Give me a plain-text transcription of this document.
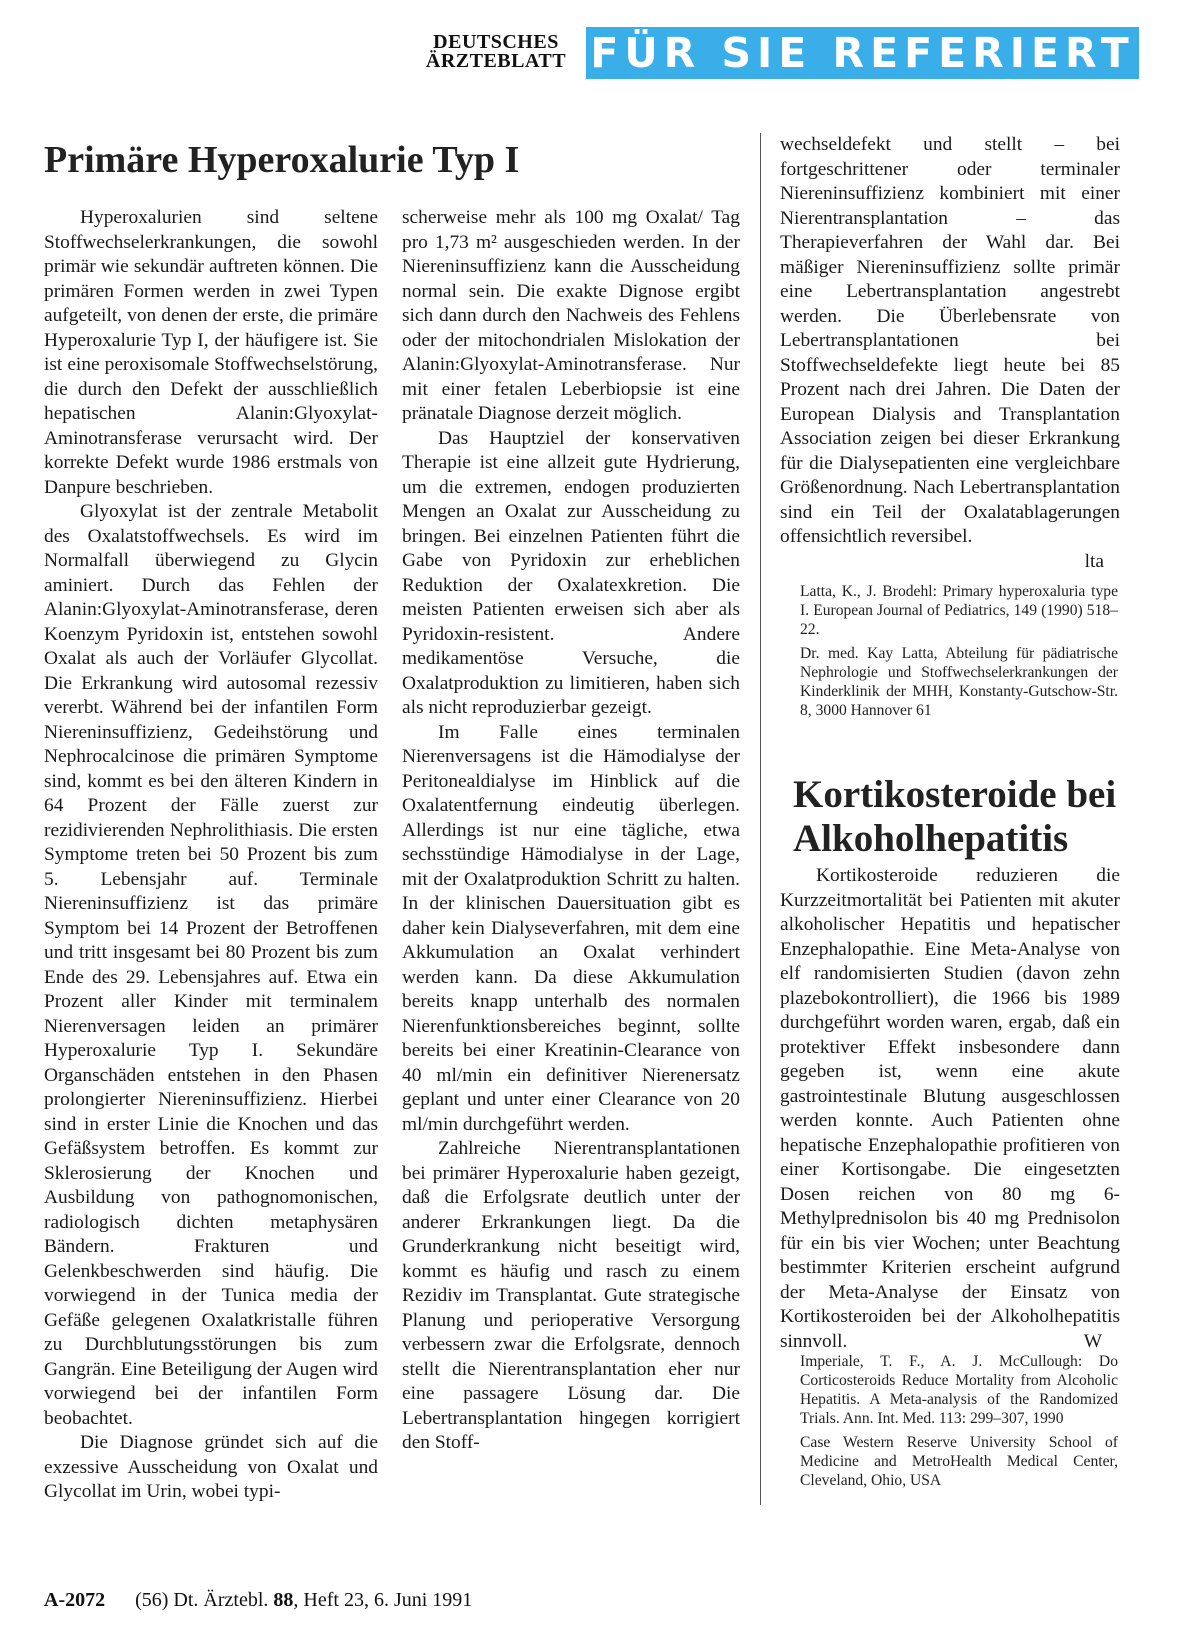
DEUTSCHES
ÄRZTEBLATT FÜR SIE REFERIERT
Primäre Hyperoxalurie Typ I

Hyperoxalurien sind seltene Stoffwechselerkrankungen, die sowohl primär wie sekundär auftreten können. Die primären Formen werden in zwei Typen aufgeteilt, von denen der erste, die primäre Hyperoxalurie Typ I, der häufigere ist. Sie ist eine peroxisomale Stoffwechselstörung, die durch den Defekt der ausschließlich hepatischen Alanin:Glyoxylat-Aminotransferase verursacht wird. Der korrekte Defekt wurde 1986 erstmals von Danpure beschrieben.

Glyoxylat ist der zentrale Metabolit des Oxalatstoffwechsels. Es wird im Normalfall überwiegend zu Glycin aminiert. Durch das Fehlen der Alanin:Glyoxylat-Aminotransferase, deren Koenzym Pyridoxin ist, entstehen sowohl Oxalat als auch der Vorläufer Glycollat. Die Erkrankung wird autosomal rezessiv vererbt. Während bei der infantilen Form Niereninsuffizienz, Gedeihstörung und Nephrocalcinose die primären Symptome sind, kommt es bei den älteren Kindern in 64 Prozent der Fälle zuerst zur rezidivierenden Nephrolithiasis. Die ersten Symptome treten bei 50 Prozent bis zum 5. Lebensjahr auf. Terminale Niereninsuffizienz ist das primäre Symptom bei 14 Prozent der Betroffenen und tritt insgesamt bei 80 Prozent bis zum Ende des 29. Lebensjahres auf. Etwa ein Prozent aller Kinder mit terminalem Nierenversagen leiden an primärer Hyperoxalurie Typ I. Sekundäre Organschäden entstehen in den Phasen prolongierter Niereninsuffizienz. Hierbei sind in erster Linie die Knochen und das Gefäßsystem betroffen. Es kommt zur Sklerosierung der Knochen und Ausbildung von pathognomonischen, radiologisch dichten metaphysären Bändern. Frakturen und Gelenkbeschwerden sind häufig. Die vorwiegend in der Tunica media der Gefäße gelegenen Oxalatkristalle führen zu Durchblutungsstörungen bis zum Gangrän. Eine Beteiligung der Augen wird vorwiegend bei der infantilen Form beobachtet.

Die Diagnose gründet sich auf die exzessive Ausscheidung von Oxalat und Glycollat im Urin, wobei typi-

scherweise mehr als 100 mg Oxalat/ Tag pro 1,73 m² ausgeschieden werden. In der Niereninsuffizienz kann die Ausscheidung normal sein. Die exakte Dignose ergibt sich dann durch den Nachweis des Fehlens oder der mitochondrialen Mislokation der Alanin:Glyoxylat-Aminotransferase. Nur mit einer fetalen Leberbiopsie ist eine pränatale Diagnose derzeit möglich.

Das Hauptziel der konservativen Therapie ist eine allzeit gute Hydrierung, um die extremen, endogen produzierten Mengen an Oxalat zur Ausscheidung zu bringen. Bei einzelnen Patienten führt die Gabe von Pyridoxin zur erheblichen Reduktion der Oxalatexkretion. Die meisten Patienten erweisen sich aber als Pyridoxin-resistent. Andere medikamentöse Versuche, die Oxalatproduktion zu limitieren, haben sich als nicht reproduzierbar gezeigt.

Im Falle eines terminalen Nierenversagens ist die Hämodialyse der Peritonealdialyse im Hinblick auf die Oxalatentfernung eindeutig überlegen. Allerdings ist nur eine tägliche, etwa sechsstündige Hämodialyse in der Lage, mit der Oxalatproduktion Schritt zu halten. In der klinischen Dauersituation gibt es daher kein Dialyseverfahren, mit dem eine Akkumulation an Oxalat verhindert werden kann. Da diese Akkumulation bereits knapp unterhalb des normalen Nierenfunktionsbereiches beginnt, sollte bereits bei einer Kreatinin-Clearance von 40 ml/min ein definitiver Nierenersatz geplant und unter einer Clearance von 20 ml/min durchgeführt werden.

Zahlreiche Nierentransplantationen bei primärer Hyperoxalurie haben gezeigt, daß die Erfolgsrate deutlich unter der anderer Erkrankungen liegt. Da die Grunderkrankung nicht beseitigt wird, kommt es häufig und rasch zu einem Rezidiv im Transplantat. Gute strategische Planung und perioperative Versorgung verbessern zwar die Erfolgsrate, dennoch stellt die Nierentransplantation eher nur eine passagere Lösung dar. Die Lebertransplantation hingegen korrigiert den Stoff-

wechseldefekt und stellt – bei fortgeschrittener oder terminaler Niereninsuffizienz kombiniert mit einer Nierentransplantation – das Therapieverfahren der Wahl dar. Bei mäßiger Niereninsuffizienz sollte primär eine Lebertransplantation angestrebt werden. Die Überlebensrate von Lebertransplantationen bei Stoffwechseldefekte liegt heute bei 85 Prozent nach drei Jahren. Die Daten der European Dialysis and Transplantation Association zeigen bei dieser Erkrankung für die Dialysepatienten eine vergleichbare Größenordnung. Nach Lebertransplantation sind ein Teil der Oxalatablagerungen offensichtlich reversibel.

lta

Latta, K., J. Brodehl: Primary hyperoxaluria type I. European Journal of Pediatrics, 149 (1990) 518–22.

Dr. med. Kay Latta, Abteilung für pädiatrische Nephrologie und Stoffwechselerkrankungen der Kinderklinik der MHH, Konstanty-Gutschow-Str. 8, 3000 Hannover 61

Kortikosteroide bei Alkoholhepatitis

Kortikosteroide reduzieren die Kurzzeitmortalität bei Patienten mit akuter alkoholischer Hepatitis und hepatischer Enzephalopathie. Eine Meta-Analyse von elf randomisierten Studien (davon zehn plazebokontrolliert), die 1966 bis 1989 durchgeführt worden waren, ergab, daß ein protektiver Effekt insbesondere dann gegeben ist, wenn eine akute gastrointestinale Blutung ausgeschlossen werden konnte. Auch Patienten ohne hepatische Enzephalopathie profitieren von einer Kortisongabe. Die eingesetzten Dosen reichen von 80 mg 6-Methylprednisolon bis 40 mg Prednisolon für ein bis vier Wochen; unter Beachtung bestimmter Kriterien erscheint aufgrund der Meta-Analyse der Einsatz von Kortikosteroiden bei der Alkoholhepatitis sinnvoll.	W

Imperiale, T. F., A. J. McCullough: Do Corticosteroids Reduce Mortality from Alcoholic Hepatitis. A Meta-analysis of the Randomized Trials. Ann. Int. Med. 113: 299–307, 1990

Case Western Reserve University School of Medicine and MetroHealth Medical Center, Cleveland, Ohio, USA

A-2072 (56) Dt. Ärztebl. 88, Heft 23, 6. Juni 1991
